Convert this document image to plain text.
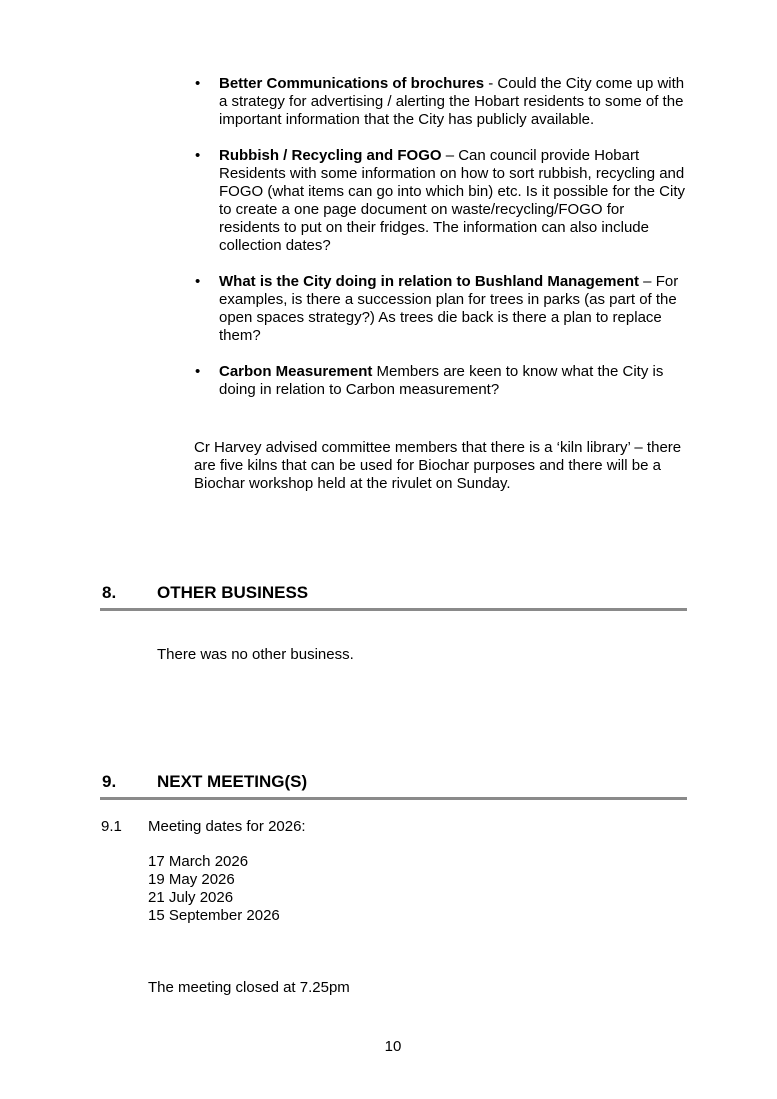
• Better Communications of brochures - Could the City come up with a strategy for advertising / alerting the Hobart residents to some of the important information that the City has publicly available.
• Rubbish / Recycling and FOGO – Can council provide Hobart Residents with some information on how to sort rubbish, recycling and FOGO (what items can go into which bin) etc. Is it possible for the City to create a one page document on waste/recycling/FOGO for residents to put on their fridges. The information can also include collection dates?
• What is the City doing in relation to Bushland Management – For examples, is there a succession plan for trees in parks (as part of the open spaces strategy?) As trees die back is there a plan to replace them?
• Carbon Measurement Members are keen to know what the City is doing in relation to Carbon measurement?

Cr Harvey advised committee members that there is a ‘kiln library’ – there are five kilns that can be used for Biochar purposes and there will be a Biochar workshop held at the rivulet on Sunday.

8. OTHER BUSINESS

There was no other business.

9. NEXT MEETING(S)
9.1 Meeting dates for 2026:
17 March 2026
19 May 2026
21 July 2026
15 September 2026

The meeting closed at 7.25pm

10
